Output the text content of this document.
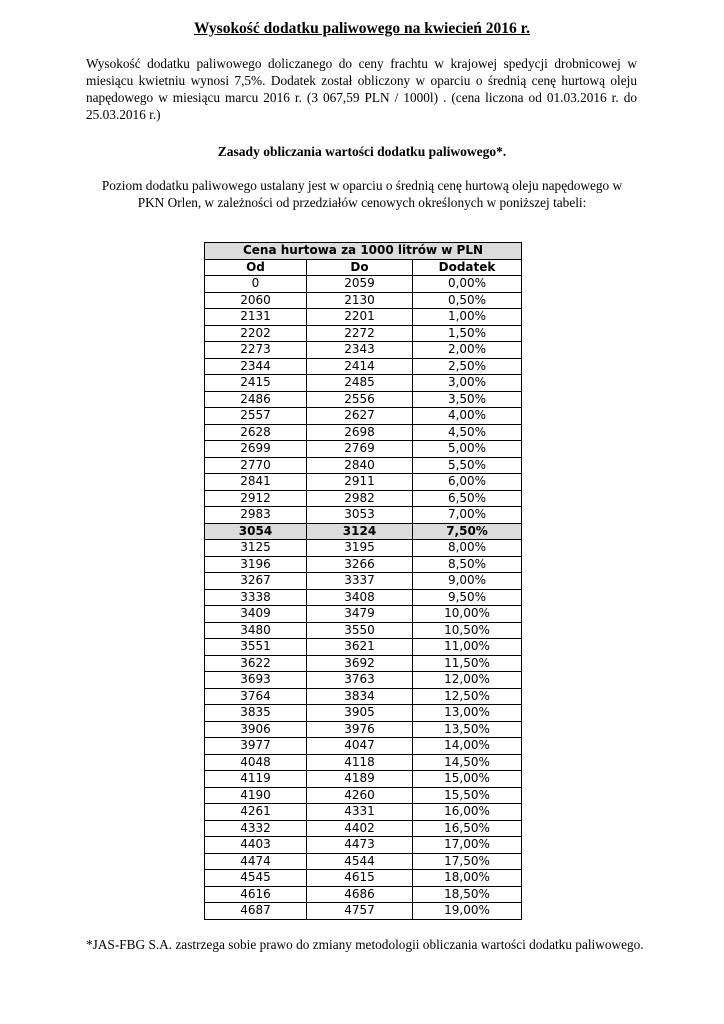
Wysokość dodatku paliwowego na kwiecień 2016 r.
Wysokość dodatku paliwowego doliczanego do ceny frachtu w krajowej spedycji drobnicowej w miesiącu kwietniu wynosi 7,5%. Dodatek został obliczony w oparciu o średnią cenę hurtową oleju napędowego w miesiącu marcu 2016 r. (3 067,59 PLN / 1000l) . (cena liczona od 01.03.2016 r. do 25.03.2016 r.)
Zasady obliczania wartości dodatku paliwowego*.
Poziom dodatku paliwowego ustalany jest w oparciu o średnią cenę hurtową oleju napędowego w PKN Orlen, w zależności od przedziałów cenowych określonych w poniższej tabeli:
Cena hurtowa za 1000 litrów w PLN		
Od	Do	Dodatek
0	2059	0,00%
2060	2130	0,50%
2131	2201	1,00%
2202	2272	1,50%
2273	2343	2,00%
2344	2414	2,50%
2415	2485	3,00%
2486	2556	3,50%
2557	2627	4,00%
2628	2698	4,50%
2699	2769	5,00%
2770	2840	5,50%
2841	2911	6,00%
2912	2982	6,50%
2983	3053	7,00%
3054	3124	7,50%
3125	3195	8,00%
3196	3266	8,50%
3267	3337	9,00%
3338	3408	9,50%
3409	3479	10,00%
3480	3550	10,50%
3551	3621	11,00%
3622	3692	11,50%
3693	3763	12,00%
3764	3834	12,50%
3835	3905	13,00%
3906	3976	13,50%
3977	4047	14,00%
4048	4118	14,50%
4119	4189	15,00%
4190	4260	15,50%
4261	4331	16,00%
4332	4402	16,50%
4403	4473	17,00%
4474	4544	17,50%
4545	4615	18,00%
4616	4686	18,50%
4687	4757	19,00%
*JAS-FBG S.A. zastrzega sobie prawo do zmiany metodologii obliczania wartości dodatku paliwowego.
